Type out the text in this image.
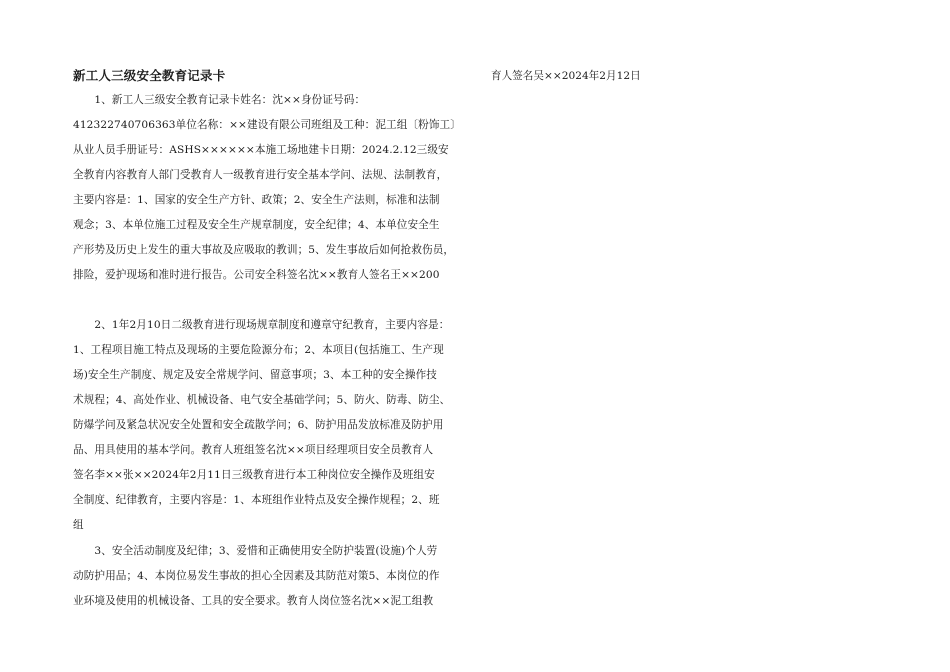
新工人三级安全教育记录卡
　　1、新工人三级安全教育记录卡姓名：沈××身份证号码：
412322740706363单位名称：××建设有限公司班组及工种：泥工组〔粉饰工〕
从业人员手册证号：ASHS××××××本施工场地建卡日期：2024.2.12三级安
全教育内容教育人部门受教育人一级教育进行安全基本学问、法规、法制教育，
主要内容是：1、国家的安全生产方针、政策；2、安全生产法则，标准和法制
观念；3、本单位施工过程及安全生产规章制度，安全纪律；4、本单位安全生
产形势及历史上发生的重大事故及应吸取的教训；5、发生事故后如何抢救伤员，
排险，爱护现场和准时进行报告。公司安全科签名沈××教育人签名王××200
　　2、1年2月10日二级教育进行现场规章制度和遵章守纪教育，主要内容是：
1、工程项目施工特点及现场的主要危险源分布；2、本项目(包括施工、生产现
场)安全生产制度、规定及安全常规学问、留意事项；3、本工种的安全操作技
术规程；4、高处作业、机械设备、电气安全基础学问；5、防火、防毒、防尘、
防爆学问及紧急状况安全处置和安全疏散学问；6、防护用品发放标准及防护用
品、用具使用的基本学问。教育人班组签名沈××项目经理项目安全员教育人
签名李××张××2024年2月11日三级教育进行本工种岗位安全操作及班组安
全制度、纪律教育，主要内容是：1、本班组作业特点及安全操作规程；2、班
组
　　3、安全活动制度及纪律；3、爱惜和正确使用安全防护装置(设施)个人劳
动防护用品；4、本岗位易发生事故的担心全因素及其防范对策5、本岗位的作
业环境及使用的机械设备、工具的安全要求。教育人岗位签名沈××泥工组教
育人签名吴××2024年2月12日
